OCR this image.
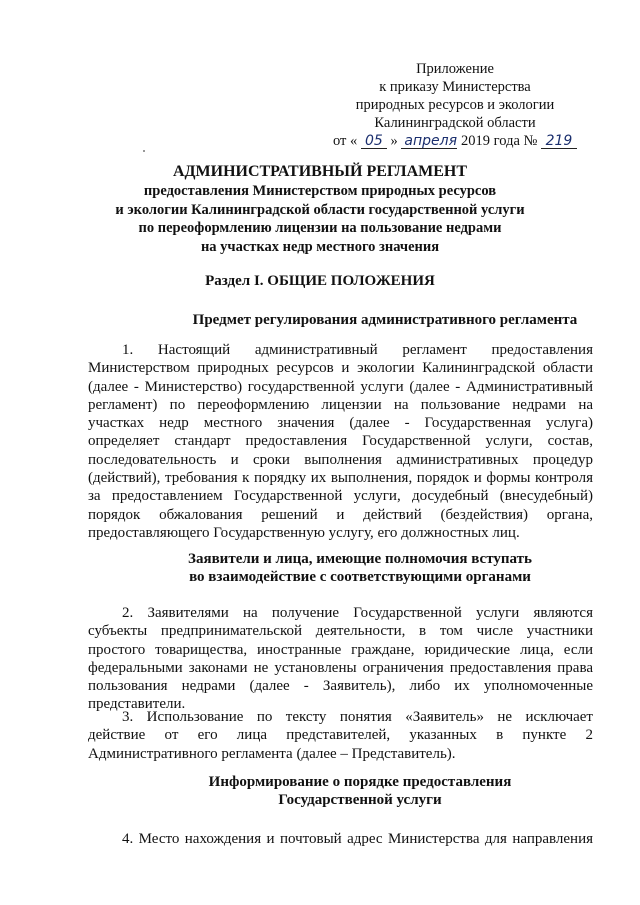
Приложение
к приказу Министерства
природных ресурсов и экологии
Калининградской области
от « 05 » апреля 2019 года № 219
АДМИНИСТРАТИВНЫЙ РЕГЛАМЕНТ
предоставления Министерством природных ресурсов
и экологии Калининградской области государственной услуги
по переоформлению лицензии на пользование недрами
на участках недр местного значения
Раздел I. ОБЩИЕ ПОЛОЖЕНИЯ
Предмет регулирования административного регламента
1. Настоящий административный регламент предоставления
Министерством природных ресурсов и экологии Калининградской области
(далее - Министерство) государственной услуги (далее - Административный
регламент) по переоформлению лицензии на пользование недрами на
участках недр местного значения (далее - Государственная услуга)
определяет стандарт предоставления Государственной услуги, состав,
последовательность и сроки выполнения административных процедур
(действий), требования к порядку их выполнения, порядок и формы контроля
за предоставлением Государственной услуги, досудебный (внесудебный)
порядок обжалования решений и действий (бездействия) органа,
предоставляющего Государственную услугу, его должностных лиц.
Заявители и лица, имеющие полномочия вступать
во взаимодействие с соответствующими органами
2. Заявителями на получение Государственной услуги являются
субъекты предпринимательской деятельности, в том числе участники
простого товарищества, иностранные граждане, юридические лица, если
федеральными законами не установлены ограничения предоставления права
пользования недрами (далее - Заявитель), либо их уполномоченные
представители.
3. Использование по тексту понятия «Заявитель» не исключает
действие от его лица представителей, указанных в пункте 2
Административного регламента (далее – Представитель).
Информирование о порядке предоставления
Государственной услуги
4. Место нахождения и почтовый адрес Министерства для направления
